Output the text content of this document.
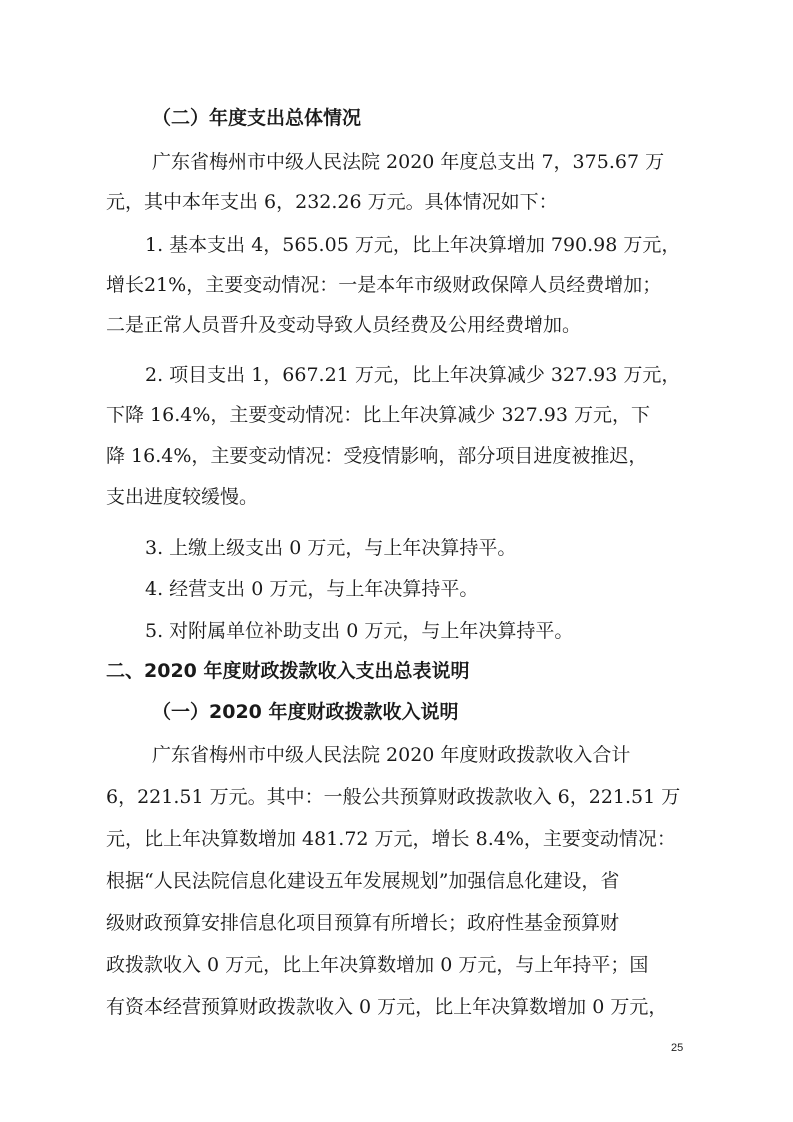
（二）年度支出总体情况
广东省梅州市中级人民法院 2020 年度总支出 7，375.67 万
元，其中本年支出 6，232.26 万元。具体情况如下：
1. 基本支出 4，565.05 万元，比上年决算增加 790.98 万元，
增长21%，主要变动情况：一是本年市级财政保障人员经费增加；
二是正常人员晋升及变动导致人员经费及公用经费增加。
2. 项目支出 1，667.21 万元，比上年决算减少 327.93 万元，
下降 16.4%，主要变动情况：比上年决算减少 327.93 万元，下
降 16.4%，主要变动情况：受疫情影响，部分项目进度被推迟，
支出进度较缓慢。
3. 上缴上级支出 0 万元，与上年决算持平。
4. 经营支出 0 万元，与上年决算持平。
5. 对附属单位补助支出 0 万元，与上年决算持平。
二、2020 年度财政拨款收入支出总表说明
（一）2020 年度财政拨款收入说明
广东省梅州市中级人民法院 2020 年度财政拨款收入合计
6，221.51 万元。其中：一般公共预算财政拨款收入 6，221.51 万
元，比上年决算数增加 481.72 万元，增长 8.4%，主要变动情况：
根据“人民法院信息化建设五年发展规划”加强信息化建设，省
级财政预算安排信息化项目预算有所增长；政府性基金预算财
政拨款收入 0 万元，比上年决算数增加 0 万元，与上年持平；国
有资本经营预算财政拨款收入 0 万元，比上年决算数增加 0 万元，
25
